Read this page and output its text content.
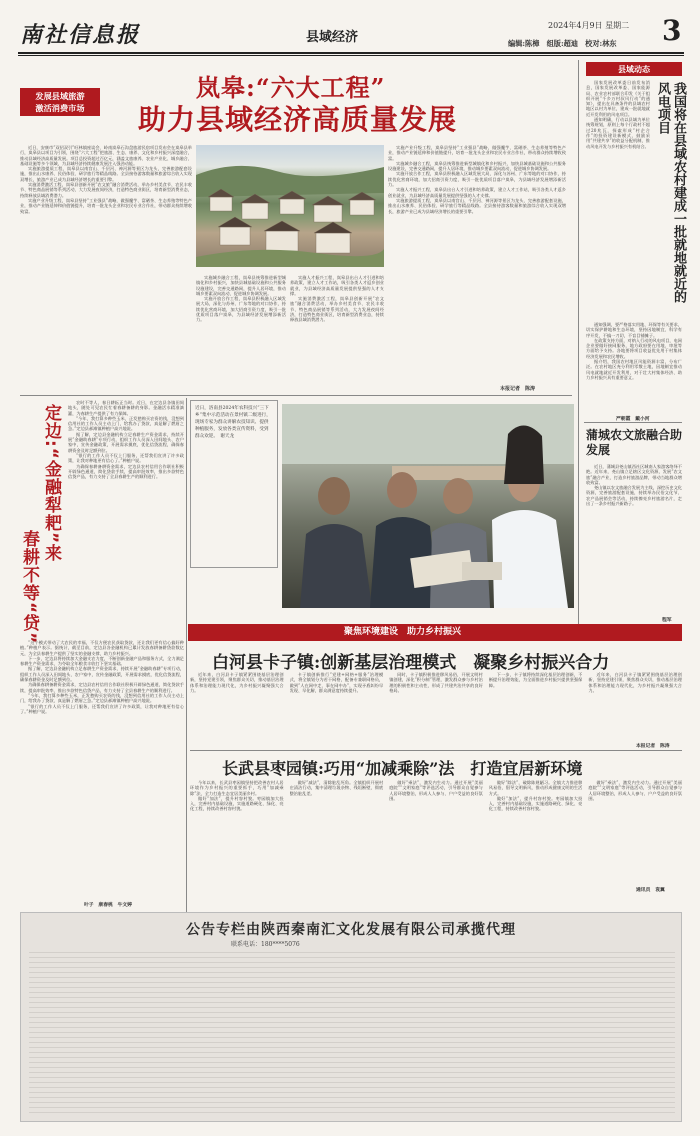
南社信息报	县域经济
2024年4月9日 星期二 3
编辑:陈樟　组版:超迪　校对:林东
发展县域旅游
激活消费市场
岚皋:“六大工程”
助力县域经济高质量发展

近日，安康市“双招双引”旺林镇座谈会、岭南岚皋石沟盘旅游民宿项目发布会在岚皋县举行，岚皋县以项目为引领，围绕“六大工程”把旅游、生态、康养、文化和乡村振兴深度融合，推动县域经济高质量发展。项目总投资超过百亿元，涵盖文旅康养、农业产业化、城乡融合、基础设施等多个领域，为县域经济持续健康发展注入强劲动能。

实施旅游提质工程，岚皋县以南宫山、千层河、神河源等景区为龙头，完善旅游配套设施，推出山水康养、民俗体验、研学旅行等精品线路。全县接待游客数量和旅游综合收入实现双增长，旅游产业已成为县域经济增长的重要引擎。

实施消费激活工程，岚皋县创新开展“农文旅”融合消费活动，举办乡村美食节、农民丰收节、特色商品展销等系列活动，大力发展夜间经济，打造特色商业街区，培育新型消费业态，持续释放县域消费潜力。

实施产业升级工程，岚皋县坚持“工业强县”战略，做强魔芋、富硒茶、生态养殖等特色产业，推动产业链延伸和价值链提升，培育一批龙头企业和农民专业合作社，带动群众持续增收致富。

实施城乡融合工程，岚皋县统筹推进新型城镇化和乡村振兴，加快县城基础设施和公共服务设施建设，完善交通路网，提升人居环境，推动城乡要素双向流动，促进城乡协调发展。

实施开放合作工程，岚皋县积极融入区域发展大局，深化与苏州、广东等地的对口协作，持续优化营商环境，加大招商引资力度，吸引一批优质项目落户岚皋，为县域经济发展增添新活力。

实施人才振兴工程，岚皋县出台人才引进和培养政策，建立人才工作站，吸引各类人才返乡创业就业，为县域经济高质量发展提供坚强的人才支撑。

实施消费激活工程，岚皋县创新开展“农文旅”融合消费活动，举办乡村美食节、农民丰收节、特色商品展销等系列活动，大力发展夜间经济，打造特色商业街区，培育新型消费业态，持续释放县域消费潜力。

实施产业升级工程，岚皋县坚持“工业强县”战略，做强魔芋、富硒茶、生态养殖等特色产业，推动产业链延伸和价值链提升，培育一批龙头企业和农民专业合作社，带动群众持续增收致富。

实施城乡融合工程，岚皋县统筹推进新型城镇化和乡村振兴，加快县城基础设施和公共服务设施建设，完善交通路网，提升人居环境，推动城乡要素双向流动，促进城乡协调发展。

实施开放合作工程，岚皋县积极融入区域发展大局，深化与苏州、广东等地的对口协作，持续优化营商环境，加大招商引资力度，吸引一批优质项目落户岚皋，为县域经济发展增添新活力。

实施人才振兴工程，岚皋县出台人才引进和培养政策，建立人才工作站，吸引各类人才返乡创业就业，为县域经济高质量发展提供坚强的人才支撑。

实施旅游提质工程，岚皋县以南宫山、千层河、神河源等景区为龙头，完善旅游配套设施，推出山水康养、民俗体验、研学旅行等精品线路。全县接待游客数量和旅游综合收入实现双增长，旅游产业已成为县域经济增长的重要引擎。

本报记者　陈涛
县域动态

国家发展改革委日前发布消息，国家发展改革委、国家能源局、农业农村部联合印发《关于组织开展“千乡万村驭风行动”的通知》，提出在具备条件的县域农村地区以村为单位，建成一批就地就近开发利用的风电项目。

通知明确，行动以县域为单位统筹规划，原则上每个行政村不超过20兆瓦，探索形成“村企合作”的投资建设新模式，鼓励采用“共建共享”的收益分配机制，推动风电开发与乡村振兴有机结合。	我国将在县域农村建成一批就地就近的风电项目

通知强调，要严格落实用地、环保等有关要求，切实保护耕地和生态环境，坚持因地制宜、科学有序开发，不搞一刀切，不盲目铺摊子。

在政策支持方面，对纳入行动的风电项目，电网企业要做好接网服务，地方政府要在用地、审批等方面给予支持。各地要将项目收益优先用于村集体经济发展和农民增收。

据介绍，我国农村地区风能资源丰富，分布广泛。在农村地区充分利用零散土地，因地制宜推动风电就地就近开发利用，对于壮大村集体经济、助力乡村振兴具有重要意义。

严朝霞　戴小河
蒲城农文旅融合助发展

近日，蒲城县尧山镇西社区城南人家游客络绎不绝。近年来，尧山镇立足辖区文化资源，发展“农文旅”融合产业，打造乡村旅游品牌，带动当地群众增收致富。

尧山镇以农文旅融合发展为主线，深挖历史文化资源，完善旅游配套设施，持续举办民俗文化节、农产品展销会等活动，持续擦亮乡村旅游名片，走出了一条乡村振兴新路子。

程军
定边:“金融犁耙”来
春耕不等“贷”

农时不等人，春日耕耘正当时。近日，在定边县各镇田间地头，随处可见农民忙着春耕备耕的身影。金融活水精准滴灌，为春耕生产提供了有力保障。

“今年，我打算多种些玉米，正发愁购买农资的钱，没想到信用社的工作人员主动上门，给我办了贷款，真是解了燃眉之急。”定边县郝滩镇种植户高兴地说。

据了解，定边县金融机构立足春耕生产资金需求，持续开展“金融助春耕”专项行动，组织工作人员深入田间地头、农户家中，宣传金融政策，开展需求摸底，优化信贷流程，确保春耕资金及时足额到位。

“银行的工作人员不仅上门服务，还帮我们宣讲了许多政策，让我对种地更有信心了。”种植户说。

为确保春耕备耕资金需求，定边县农村信用合作联社积极开辟绿色通道，简化贷款手续，提高审批效率，推出多款特色信贷产品，有力支持了全县春耕生产的顺利进行。

“这个模式带动了大农民的幸福，不仅方便农民获取贷款，还让我们更有信心搞好种植。”种植户表示。据统计，截至目前，定边县各金融机构已累计发放春耕备耕贷款数亿元，为全县春耕生产提供了坚实的金融支撑，助力乡村振兴。

下一步，定边县将持续加大金融支农力度，不断创新金融产品和服务方式，全力满足春耕生产资金需求，为夺取全年粮食丰收打下坚实基础。

据了解，定边县金融机构立足春耕生产资金需求，持续开展“金融助春耕”专项行动，组织工作人员深入田间地头、农户家中，宣传金融政策，开展需求摸底，优化信贷流程，确保春耕资金及时足额到位。

为确保春耕备耕资金需求，定边县农村信用合作联社积极开辟绿色通道，简化贷款手续，提高审批效率，推出多款特色信贷产品，有力支持了全县春耕生产的顺利进行。

“今年，我打算多种些玉米，正发愁购买农资的钱，没想到信用社的工作人员主动上门，给我办了贷款，真是解了燃眉之急。”定边县郝滩镇种植户高兴地说。

“银行的工作人员不仅上门服务，还帮我们宣讲了许多政策，让我对种地更有信心了。”种植户说。

叶子　康春桃　牛文婷
近日，洛南县2024年农科技兴“三下乡”集中示范活动在景村镇二级进行，现场专家为群众讲解农技知识、提供种植服务，发放各类宣传资料，受到群众欢迎。　谢天龙
聚焦环境建设　助力乡村振兴
白河县卡子镇:创新基层治理模式　凝聚乡村振兴合力

近年来，白河县卡子镇紧紧围绕基层治理创新，坚持党建引领，聚焦群众关切，推动基层治理体系和治理能力现代化，为乡村振兴凝聚强大合力。

卡子镇创新推行“党建+网格+服务”治理模式，将全镇划分为若干网格，配备专兼职网格员，做到“人在网中走、事在网中办”，实现矛盾纠纷早发现、早化解，群众满意度持续提升。

同时，卡子镇积极推进移风易俗，开展文明村镇创建，深化“积分制”管理，激发群众参与乡村治理的积极性和主动性，形成了共建共治共享的良好格局。

下一步，卡子镇将持续深化基层治理创新，不断提升治理效能，为全面推进乡村振兴提供坚强保障。

近年来，白河县卡子镇紧紧围绕基层治理创新，坚持党建引领，聚焦群众关切，推动基层治理体系和治理能力现代化，为乡村振兴凝聚强大合力。

本报记者　陈涛
长武县枣园镇:巧用“加减乘除”法　打造宜居新环境

今年以来，长武县枣园镇坚持把改善农村人居环境作为乡村振兴的重要抓手，巧用“加减乘除”法，全力打造生态宜居美丽乡村。

做好“加法”，提升村容村貌。枣园镇加大投入，完善村内基础设施，实施道路硬化、绿化、亮化工程，持续改善村容村貌。

做好“减法”，清除脏乱死角。全镇组织开展村庄清洁行动，集中清理垃圾杂物、残垣断壁，彻底整治脏乱差。

做好“乘法”，激发内生动力。通过开展“美丽庭院”“文明家庭”等评选活动，引导群众自觉参与人居环境整治，形成人人参与、户户受益的良好氛围。

做好“除法”，破除陈规陋习。全镇大力推进移风易俗，倡导文明新风，推动形成健康文明的生活方式。

做好“加法”，提升村容村貌。枣园镇加大投入，完善村内基础设施，实施道路硬化、绿化、亮化工程，持续改善村容村貌。

做好“乘法”，激发内生动力。通过开展“美丽庭院”“文明家庭”等评选活动，引导群众自觉参与人居环境整治，形成人人参与、户户受益的良好氛围。

通讯员　袁翼
公告专栏由陕西秦南汇文化发展有限公司承揽代理
联系电话：180****5076
